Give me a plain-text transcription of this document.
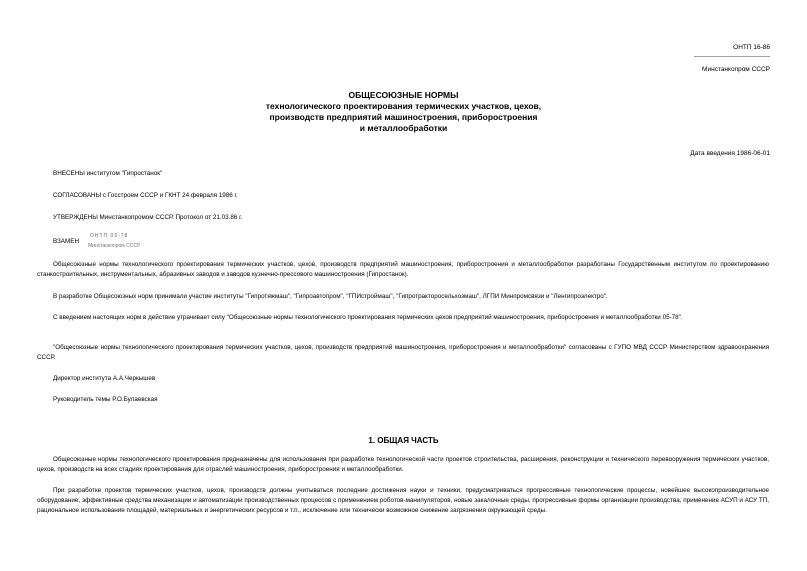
ОНТП 16-86
--------------------------------------
Минстанкопром СССР
ОБЩЕСОЮЗНЫЕ НОРМЫ
технологического проектирования термических участков, цехов,
производств предприятий машиностроения, приборостроения
и металлообработки
Дата введения 1986-06-01
ВНЕСЕНЫ институтом "Гипростанок"
СОГЛАСОВАНЫ с Госстроем СССР и ГКНТ 24 февраля 1986 г.
УТВЕРЖДЕНЫ Минстанкопромом СССР. Протокол от 21.03.86 г.
ВЗАМЕН
ОНТП 05-78
Минстанкопром СССР
Общесоюзные нормы технологического проектирования термических участков, цехов, производств предприятий машиностроения, приборостроения и металлообработки разработаны Государственным институтом по проектированию станкостроительных, инструментальных, абразивных заводов и заводов кузнечно-прессового машиностроения (Гипростанок).
В разработке Общесоюзных норм принимали участие институты "Гипротяжмаш", "Гипроавтопром", "ГПИстроймаш", "Гипротракторосельхозмаш", ЛГПИ Минпромсвязи и "Ленгипроэлектро".
С введением настоящих норм в действие утрачивает силу "Общесоюзные нормы технологического проектирования термических цехов предприятий машиностроения, приборостроения и металлообработки 05-78".
"Общесоюзные нормы технологического проектирования термических участков, цехов, производств предприятий машиностроения, приборостроения и металлообработки" согласованы с ГУПО МВД СССР Министерством здравоохранения СССР.
Директор института А.А.Черкышев
Руководитель темы Р.О.Булаевская
1. ОБЩАЯ ЧАСТЬ
Общесоюзные нормы технологического проектирования предназначены для использования при разработке технологической части проектов строительства, расширения, реконструкции и технического перевооружения термических участков, цехов, производств на всех стадиях проектирования для отраслей машиностроения, приборостроения и металлообработки.
При разработке проектов термических участков, цехов, производств должны учитываться последние достижения науки и техники, предусматриваться прогрессивные технологические процессы, новейшее высокопроизводительное оборудование, эффективные средства механизации и автоматизации производственных процессов с применением роботов-манипуляторов, новые закалочные среды, прогрессивные формы организации производства, применение АСУП и АСУ ТП, рациональное использование площадей, материальных и энергетических ресурсов и т.п., исключение или технически возможное снижение загрязнения окружающей среды.
